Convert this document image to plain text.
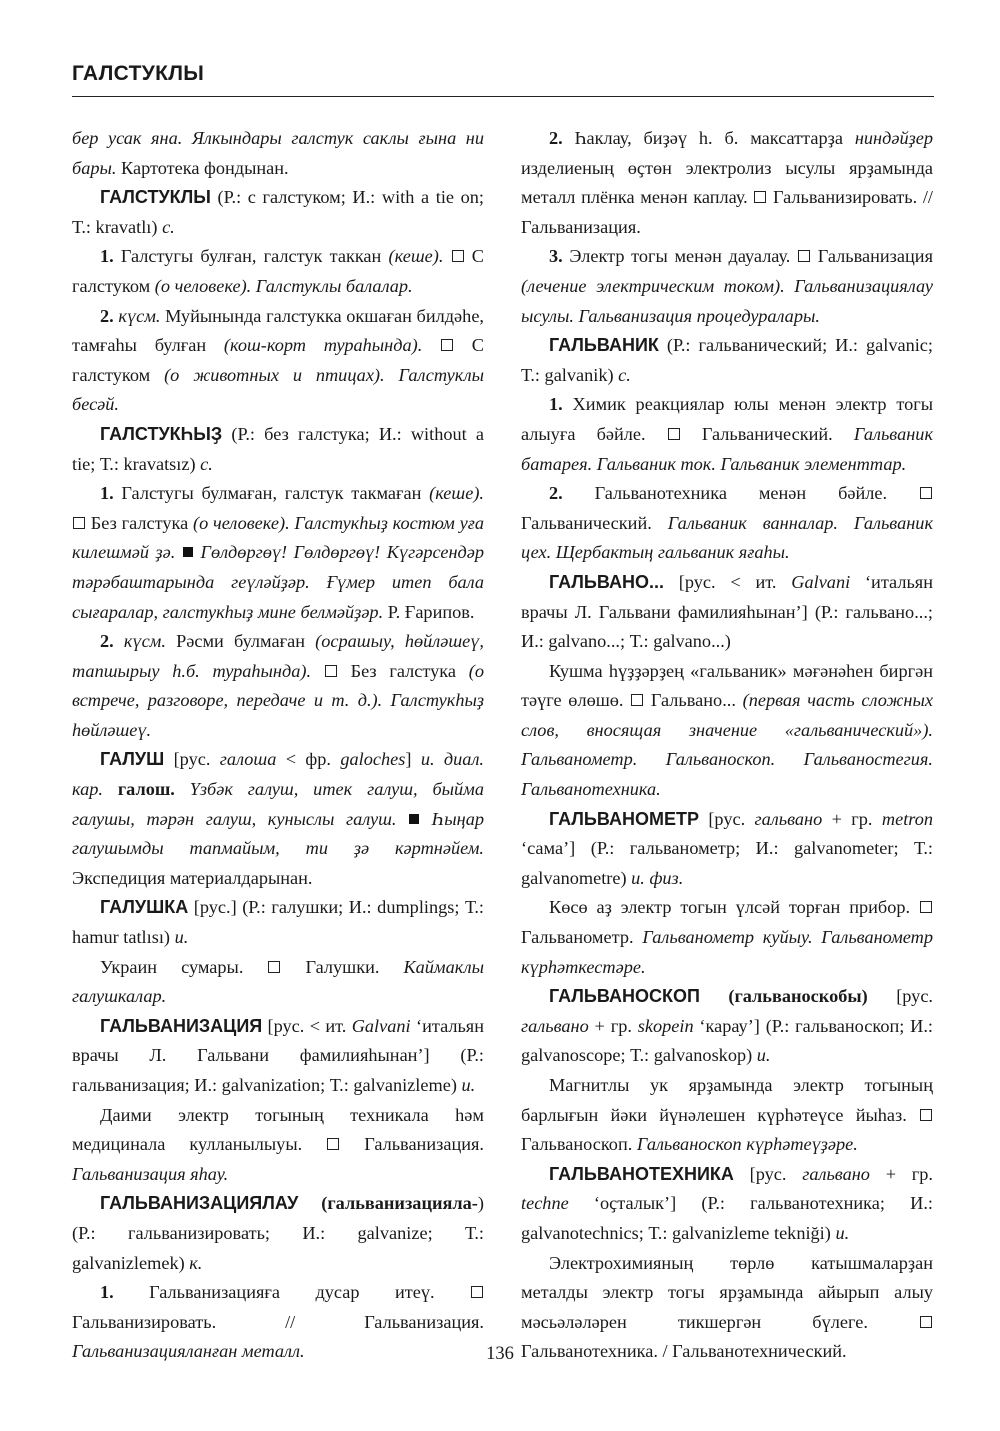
ГАЛСТУКЛЫ

бер усак яна. Ялкындары галстук саклы ғына ни бары. Картотека фондынан.

ГАЛСТУКЛЫ (Р.: с галстуком; И.: with a tie on; Т.: kravatlı) с.

1. Галстугы булған, галстук таккан (кеше).  С галстуком (о человеке). Галстуклы балалар.

2. күсм. Муйынында галстукка окшаған билдәһе, тамғаһы булған (кош-корт тураһында).  С галстуком (о животных и птицах). Галстуклы бесәй.

ГАЛСТУКҺЫҘ (Р.: без галстука; И.: without a tie; Т.: kravatsız) с.

1. Галстугы булмаған, галстук такмаған (кеше).  Без галстука (о человеке). Галстукһыҙ костюм уға килешмәй ҙә. Гөлдөргөү! Гөлдөргөү! Күгәрсендәр тәрәбаштарында геүләйҙәр. Ғүмер итеп бала сығаралар, галстукһыҙ мине белмәйҙәр. Р. Ғарипов.

2. күсм. Рәсми булмаған (осрашыу, һөйләшеү, тапшырыу һ.б. тураһында).  Без галстука (о встрече, разговоре, передаче и т. д.). Галстукһыҙ һөйләшеү.

ГАЛУШ [рус. галоша < фр. galoches] и. диал. кар. галош. Үзбәк галуш, итек галуш, быйма галушы, тәрән галуш, куныслы галуш. Һыңар галушымды тапмайым, ти ҙә кәртнәйем. Экспедиция материалдарынан.

ГАЛУШКА [рус.] (Р.: галушки; И.: dumplings; Т.: hamur tatlısı) и.

Украин сумары.  Галушки. Каймаклы галушкалар.

ГАЛЬВАНИЗАЦИЯ [рус. < ит. Galvani ‘итальян врачы Л. Гальвани фамилияһынан’] (Р.: гальванизация; И.: galvanization; Т.: galvanizleme) и.

Даими электр тогының техникала һәм медицинала кулланылыуы.  Гальванизация. Гальванизация яһау.

ГАЛЬВАНИЗАЦИЯЛАУ (гальванизацияла-) (Р.: гальванизировать; И.: galvanize; Т.: galvanizlemek) к.

1. Гальванизацияға дусар итеү.  Гальванизировать. // Гальванизация. Гальванизацияланған металл.

2. Һаклау, биҙәү һ. б. максаттарҙа ниндәйҙер изделиеның өҫтөн электролиз ысулы ярҙамында металл плёнка менән каплау.  Гальванизировать. // Гальванизация.

3. Электр тогы менән дауалау.  Гальванизация (лечение электрическим током). Гальванизациялау ысулы. Гальванизация процедуралары.

ГАЛЬВАНИК (Р.: гальванический; И.: galvanic; Т.: galvanik) с.

1. Химик реакциялар юлы менән электр тогы алыуға бәйле.  Гальванический. Гальваник батарея. Гальваник ток. Гальваник элементтар.

2. Гальванотехника менән бәйле.  Гальванический. Гальваник ванналар. Гальваник цех. Щербактың гальваник яғаһы.

ГАЛЬВАНО... [рус. < ит. Galvani ‘итальян врачы Л. Гальвани фамилияһынан’] (Р.: гальвано...; И.: galvano...; Т.: galvano...)

Кушма һүҙҙәрҙең «гальваник» мәғәнәһен биргән тәүге өлөшө.  Гальвано... (первая часть сложных слов, вносящая значение «гальванический»). Гальванометр. Гальваноскоп. Гальваностегия. Гальванотехника.

ГАЛЬВАНОМЕТР [рус. гальвано + гр. metron ‘сама’] (Р.: гальванометр; И.: galvanometer; Т.: galvanometre) и. физ.

Көсө аҙ электр тогын үлсәй торған прибор.  Гальванометр. Гальванометр куйыу. Гальванометр күрһәткестәре.

ГАЛЬВАНОСКОП (гальваноскобы) [рус. гальвано + гр. skopein ‘карау’] (Р.: гальваноскоп; И.: galvanoscope; Т.: galvanoskop) и.

Магнитлы ук ярҙамында электр тогының барлығын йәки йүнәлешен күрһәтеүсе йыһаз.  Гальваноскоп. Гальваноскоп күрһәтеүҙәре.

ГАЛЬВАНОТЕХНИКА [рус. гальвано + гр. techne ‘оҫталык’] (Р.: гальванотехника; И.: galvanotechnics; Т.: galvanizleme tekniği) и.

Электрохимияның төрлө катышмаларҙан металды электр тогы ярҙамында айырып алыу мәсьәләләрен тикшергән бүлеге.  Гальванотехника. / Гальванотехнический.

136
